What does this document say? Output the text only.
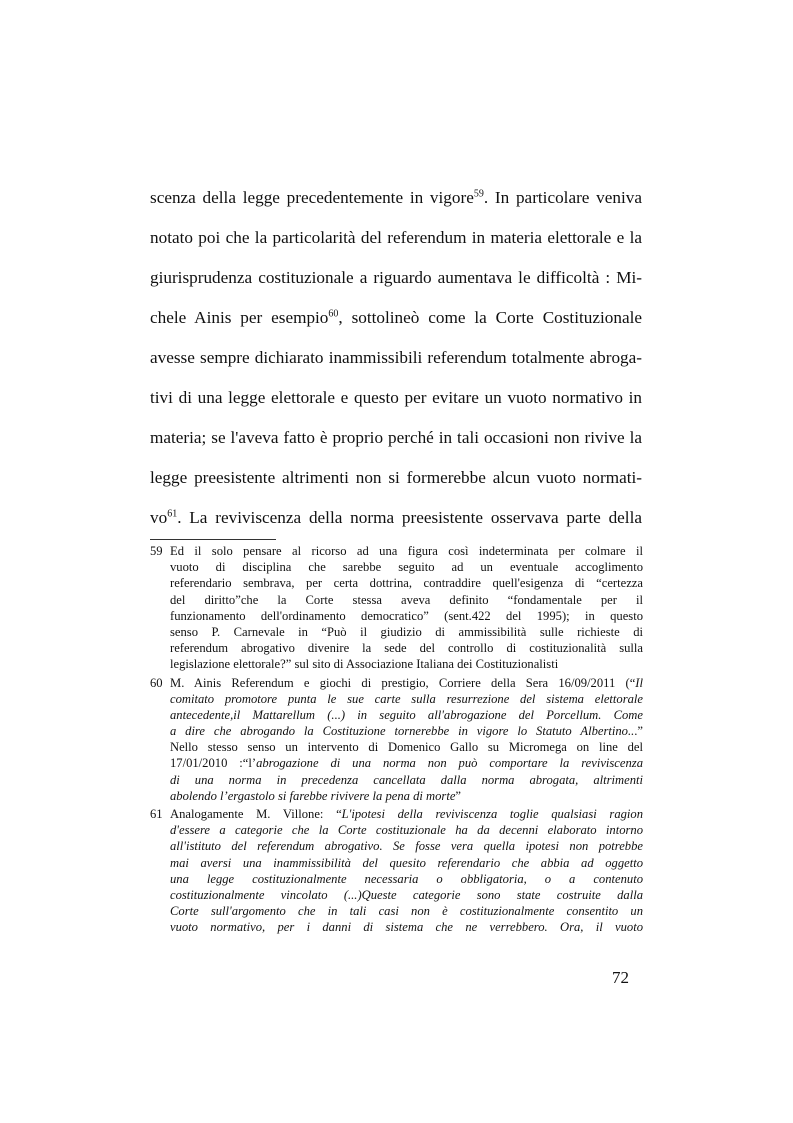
scenza della legge precedentemente in vigore$^{59}$. In particolare veniva
notato poi che la particolarità del referendum in materia elettorale e la
giurisprudenza costituzionale a riguardo aumentava le difficoltà : Mi-
chele Ainis per esempio$^{60}$, sottolineò come la Corte Costituzionale
avesse sempre dichiarato inammissibili referendum totalmente abroga-
tivi di una legge elettorale e questo per evitare un vuoto normativo in
materia; se l'aveva fatto è proprio perché in tali occasioni non rivive la
legge preesistente altrimenti non si formerebbe alcun vuoto normati-
$vo^{61}$. La reviviscenza della norma preesistente osservava parte della
59 Ed il solo pensare al ricorso ad una figura così indeterminata per colmare il
vuoto di disciplina che sarebbe seguito ad un eventuale accoglimento
referendario sembrava, per certa dottrina, contraddire quell'esigenza di “certezza
del diritto”che la Corte stessa aveva definito “fondamentale per il
funzionamento dell'ordinamento democratico” (sent.422 del 1995); in questo
senso P. Carnevale in “Può il giudizio di ammissibilità sulle richieste di
referendum abrogativo divenire la sede del controllo di costituzionalità sulla
legislazione elettorale?” sul sito di Associazione Italiana dei Costituzionalisti
60 M. Ainis Referendum e giochi di prestigio, Corriere della Sera 16/09/2011 (“Il
comitato promotore punta le sue carte sulla resurrezione del sistema elettorale
antecedente,il Mattarellum (...) in seguito all'abrogazione del Porcellum. Come
a dire che abrogando la Costituzione tornerebbe in vigore lo Statuto Albertino...”
Nello stesso senso un intervento di Domenico Gallo su Micromega on line del
17/01/2010 :“l’abrogazione di una norma non può comportare la reviviscenza
di una norma in precedenza cancellata dalla norma abrogata, altrimenti
abolendo l’ergastolo si farebbe rivivere la pena di morte”
61 Analogamente M. Villone: “L'ipotesi della reviviscenza toglie qualsiasi ragion
d'essere a categorie che la Corte costituzionale ha da decenni elaborato intorno
all'istituto del referendum abrogativo. Se fosse vera quella ipotesi non potrebbe
mai aversi una inammissibilità del quesito referendario che abbia ad oggetto
una legge costituzionalmente necessaria o obbligatoria, o a contenuto
costituzionalmente vincolato (...)Queste categorie sono state costruite dalla
Corte sull'argomento che in tali casi non è costituzionalmente consentito un
vuoto normativo, per i danni di sistema che ne verrebbero. Ora, il vuoto
72
